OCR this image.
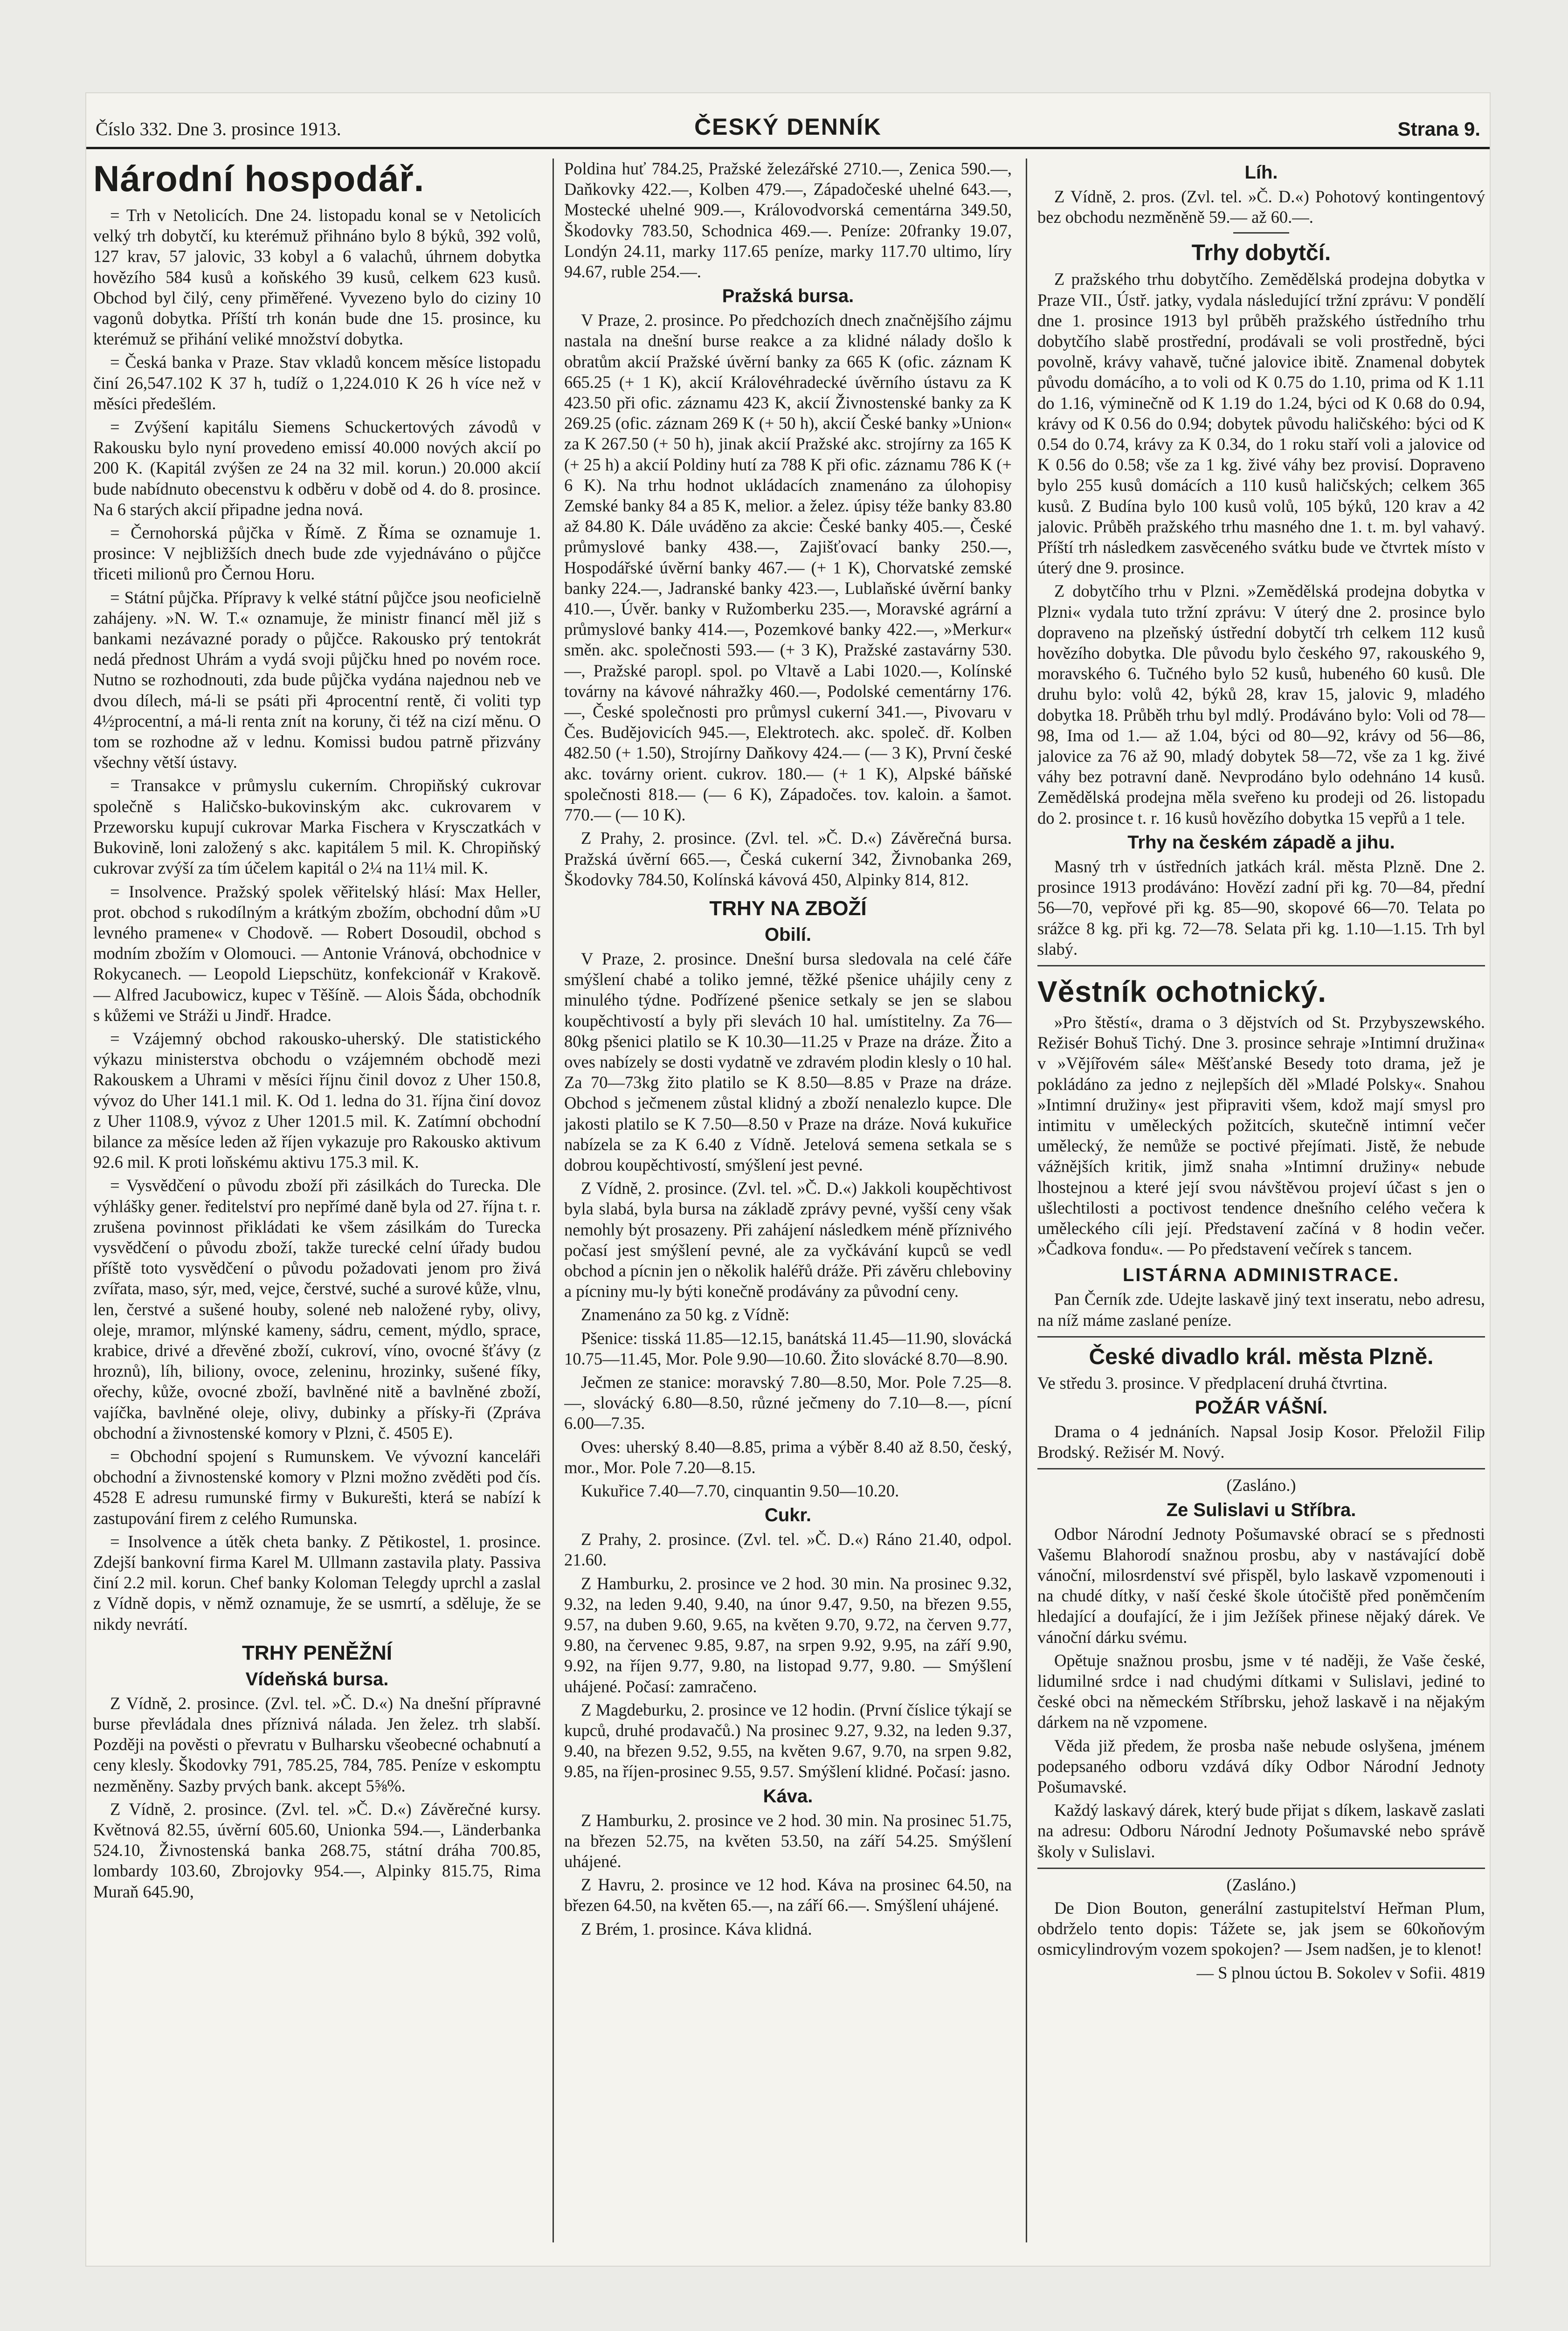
Číslo 332. Dne 3. prosince 1913.	ČESKÝ DENNÍK	Strana 9.
Národní hospodář.

= Trh v Netolicích. Dne 24. listopadu konal se v Netolicích velký trh dobytčí, ku kterémuž přihnáno bylo 8 býků, 392 volů, 127 krav, 57 jalovic, 33 kobyl a 6 valachů, úhrnem dobytka hovězího 584 kusů a koňského 39 kusů, celkem 623 kusů. Obchod byl čilý, ceny přiměřené. Vyvezeno bylo do ciziny 10 vagonů dobytka. Příští trh konán bude dne 15. prosince, ku kterémuž se přihání veliké množství dobytka.

= Česká banka v Praze. Stav vkladů koncem měsíce listopadu činí 26,547.102 K 37 h, tudíž o 1,224.010 K 26 h více než v měsíci předešlém.

= Zvýšení kapitálu Siemens Schuckertových závodů v Rakousku bylo nyní provedeno emissí 40.000 nových akcií po 200 K. (Kapitál zvýšen ze 24 na 32 mil. korun.) 20.000 akcií bude nabídnuto obecenstvu k odběru v době od 4. do 8. prosince. Na 6 starých akcií připadne jedna nová.

= Černohorská půjčka v Římě. Z Říma se oznamuje 1. prosince: V nejbližších dnech bude zde vyjednáváno o půjčce třiceti milionů pro Černou Horu.

= Státní půjčka. Přípravy k velké státní půjčce jsou neoficielně zahájeny. »N. W. T.« oznamuje, že ministr financí měl již s bankami nezávazné porady o půjčce. Rakousko prý tentokrát nedá přednost Uhrám a vydá svoji půjčku hned po novém roce. Nutno se rozhodnouti, zda bude půjčka vydána najednou neb ve dvou dílech, má-li se psáti při 4procentní rentě, či voliti typ 4½procentní, a má-li renta znít na koruny, či též na cizí měnu. O tom se rozhodne až v lednu. Komissi budou patrně přizvány všechny větší ústavy.

= Transakce v průmyslu cukerním. Chropiňský cukrovar společně s Haličsko-bukovinským akc. cukrovarem v Przeworsku kupují cukrovar Marka Fischera v Krysczatkách v Bukovině, loni založený s akc. kapitálem 5 mil. K. Chropiňský cukrovar zvýší za tím účelem kapitál o 2¼ na 11¼ mil. K.

= Insolvence. Pražský spolek věřitelský hlásí: Max Heller, prot. obchod s rukodílným a krátkým zbožím, obchodní dům »U levného pramene« v Chodově. — Robert Dosoudil, obchod s modním zbožím v Olomouci. — Antonie Vránová, obchodnice v Rokycanech. — Leopold Liepschütz, konfekcionář v Krakově. — Alfred Jacubowicz, kupec v Těšíně. — Alois Šáda, obchodník s kůžemi ve Stráži u Jindř. Hradce.

= Vzájemný obchod rakousko-uherský. Dle statistického výkazu ministerstva obchodu o vzájemném obchodě mezi Rakouskem a Uhrami v měsíci říjnu činil dovoz z Uher 150.8, vývoz do Uher 141.1 mil. K. Od 1. ledna do 31. října činí dovoz z Uher 1108.9, vývoz z Uher 1201.5 mil. K. Zatímní obchodní bilance za měsíce leden až říjen vykazuje pro Rakousko aktivum 92.6 mil. K proti loňskému aktivu 175.3 mil. K.

= Vysvědčení o původu zboží při zásilkách do Turecka. Dle výhlášky gener. ředitelství pro nepřímé daně byla od 27. října t. r. zrušena povinnost přikládati ke všem zásilkám do Turecka vysvědčení o původu zboží, takže turecké celní úřady budou příště toto vysvědčení o původu požadovati jenom pro živá zvířata, maso, sýr, med, vejce, čerstvé, suché a surové kůže, vlnu, len, čerstvé a sušené houby, solené neb naložené ryby, olivy, oleje, mramor, mlýnské kameny, sádru, cement, mýdlo, sprace, krabice, drivé a dřevěné zboží, cukroví, víno, ovocné šťávy (z hroznů), líh, biliony, ovoce, zeleninu, hrozinky, sušené fíky, ořechy, kůže, ovocné zboží, bavlněné nitě a bavlněné zboží, vajíčka, bavlněné oleje, olivy, dubinky a přísky-ři (Zpráva obchodní a živnostenské komory v Plzni, č. 4505 E).

= Obchodní spojení s Rumunskem. Ve vývozní kanceláři obchodní a živnostenské komory v Plzni možno zvěděti pod čís. 4528 E adresu rumunské firmy v Bukurešti, která se nabízí k zastupování firem z celého Rumunska.

= Insolvence a útěk cheta banky. Z Pětikostel, 1. prosince. Zdejší bankovní firma Karel M. Ullmann zastavila platy. Passiva činí 2.2 mil. korun. Chef banky Koloman Telegdy uprchl a zaslal z Vídně dopis, v němž oznamuje, že se usmrtí, a sděluje, že se nikdy nevrátí.

TRHY PENĚŽNÍ
Vídeňská bursa.

Z Vídně, 2. prosince. (Zvl. tel. »Č. D.«) Na dnešní přípravné burse převládala dnes příznivá nálada. Jen želez. trh slabší. Později na pověsti o převratu v Bulharsku všeobecné ochabnutí a ceny klesly. Škodovky 791, 785.25, 784, 785. Peníze v eskomptu nezměněny. Sazby prvých bank. akcept 5⅝%.

Z Vídně, 2. prosince. (Zvl. tel. »Č. D.«) Závěrečné kursy. Květnová 82.55, úvěrní 605.60, Unionka 594.—, Länderbanka 524.10, Živnostenská banka 268.75, státní dráha 700.85, lombardy 103.60, Zbrojovky 954.—, Alpinky 815.75, Rima Muraň 645.90,

Poldina huť 784.25, Pražské železářské 2710.—, Zenica 590.—, Daňkovky 422.—, Kolben 479.—, Západočeské uhelné 643.—, Mostecké uhelné 909.—, Královodvorská cementárna 349.50, Škodovky 783.50, Schodnica 469.—. Peníze: 20franky 19.07, Londýn 24.11, marky 117.65 peníze, marky 117.70 ultimo, líry 94.67, ruble 254.—.

Pražská bursa.

V Praze, 2. prosince. Po předchozích dnech značnějšího zájmu nastala na dnešní burse reakce a za klidné nálady došlo k obratům akcií Pražské úvěrní banky za 665 K (ofic. záznam K 665.25 (+ 1 K), akcií Královéhradecké úvěrního ústavu za K 423.50 při ofic. záznamu 423 K, akcií Živnostenské banky za K 269.25 (ofic. záznam 269 K (+ 50 h), akcií České banky »Union« za K 267.50 (+ 50 h), jinak akcií Pražské akc. strojírny za 165 K (+ 25 h) a akcií Poldiny hutí za 788 K při ofic. záznamu 786 K (+ 6 K). Na trhu hodnot ukládacích znamenáno za úlohopisy Zemské banky 84 a 85 K, melior. a želez. úpisy téže banky 83.80 až 84.80 K. Dále uváděno za akcie: České banky 405.—, České průmyslové banky 438.—, Zajišťovací banky 250.—, Hospodářské úvěrní banky 467.— (+ 1 K), Chorvatské zemské banky 224.—, Jadranské banky 423.—, Lublaňské úvěrní banky 410.—, Úvěr. banky v Ružomberku 235.—, Moravské agrární a průmyslové banky 414.—, Pozemkové banky 422.—, »Merkur« směn. akc. společnosti 593.— (+ 3 K), Pražské zastavárny 530.—, Pražské paropl. spol. po Vltavě a Labi 1020.—, Kolínské továrny na kávové náhražky 460.—, Podolské cementárny 176.—, České společnosti pro průmysl cukerní 341.—, Pivovaru v Čes. Budějovicích 945.—, Elektrotech. akc. společ. dř. Kolben 482.50 (+ 1.50), Strojírny Daňkovy 424.— (— 3 K), První české akc. továrny orient. cukrov. 180.— (+ 1 K), Alpské báňské společnosti 818.— (— 6 K), Západočes. tov. kaloin. a šamot. 770.— (— 10 K).

Z Prahy, 2. prosince. (Zvl. tel. »Č. D.«) Závěrečná bursa. Pražská úvěrní 665.—, Česká cukerní 342, Živnobanka 269, Škodovky 784.50, Kolínská kávová 450, Alpinky 814, 812.

TRHY NA ZBOŽÍ
Obilí.

V Praze, 2. prosince. Dnešní bursa sledovala na celé čáře smýšlení chabé a toliko jemné, těžké pšenice uhájily ceny z minulého týdne. Podřízené pšenice setkaly se jen se slabou koupěchtivostí a byly při slevách 10 hal. umístitelny. Za 76—80kg pšenici platilo se K 10.30—11.25 v Praze na dráze. Žito a oves nabízely se dosti vydatně ve zdravém plodin klesly o 10 hal. Za 70—73kg žito platilo se K 8.50—8.85 v Praze na dráze. Obchod s ječmenem zůstal klidný a zboží nenalezlo kupce. Dle jakosti platilo se K 7.50—8.50 v Praze na dráze. Nová kukuřice nabízela se za K 6.40 z Vídně. Jetelová semena setkala se s dobrou koupěchtivostí, smýšlení jest pevné.

Z Vídně, 2. prosince. (Zvl. tel. »Č. D.«) Jakkoli koupěchtivost byla slabá, byla bursa na základě zprávy pevné, vyšší ceny však nemohly být prosazeny. Při zahájení následkem méně příznivého počasí jest smýšlení pevné, ale za vyčkávání kupců se vedl obchod a pícnin jen o několik haléřů dráže. Při závěru chleboviny a pícniny mu-ly býti konečně prodávány za původní ceny.

Znamenáno za 50 kg. z Vídně:

Pšenice: tisská 11.85—12.15, banátská 11.45—11.90, slovácká 10.75—11.45, Mor. Pole 9.90—10.60. Žito slovácké 8.70—8.90.

Ječmen ze stanice: moravský 7.80—8.50, Mor. Pole 7.25—8.—, slovácký 6.80—8.50, různé ječmeny do 7.10—8.—, pícní 6.00—7.35.

Oves: uherský 8.40—8.85, prima a výběr 8.40 až 8.50, český, mor., Mor. Pole 7.20—8.15.

Kukuřice 7.40—7.70, cinquantin 9.50—10.20.

Cukr.

Z Prahy, 2. prosince. (Zvl. tel. »Č. D.«) Ráno 21.40, odpol. 21.60.

Z Hamburku, 2. prosince ve 2 hod. 30 min. Na prosinec 9.32, 9.32, na leden 9.40, 9.40, na únor 9.47, 9.50, na březen 9.55, 9.57, na duben 9.60, 9.65, na květen 9.70, 9.72, na červen 9.77, 9.80, na červenec 9.85, 9.87, na srpen 9.92, 9.95, na září 9.90, 9.92, na říjen 9.77, 9.80, na listopad 9.77, 9.80. — Smýšlení uhájené. Počasí: zamračeno.

Z Magdeburku, 2. prosince ve 12 hodin. (První číslice týkají se kupců, druhé prodavačů.) Na prosinec 9.27, 9.32, na leden 9.37, 9.40, na březen 9.52, 9.55, na květen 9.67, 9.70, na srpen 9.82, 9.85, na říjen-prosinec 9.55, 9.57. Smýšlení klidné. Počasí: jasno.

Káva.

Z Hamburku, 2. prosince ve 2 hod. 30 min. Na prosinec 51.75, na březen 52.75, na květen 53.50, na září 54.25. Smýšlení uhájené.

Z Havru, 2. prosince ve 12 hod. Káva na prosinec 64.50, na březen 64.50, na květen 65.—, na září 66.—. Smýšlení uhájené.

Z Brém, 1. prosince. Káva klidná.

Líh.

Z Vídně, 2. pros. (Zvl. tel. »Č. D.«) Pohotový kontingentový bez obchodu nezměněně 59.— až 60.—.

Trhy dobytčí.

Z pražského trhu dobytčího. Zemědělská prodejna dobytka v Praze VII., Ústř. jatky, vydala následující tržní zprávu: V pondělí dne 1. prosince 1913 byl průběh pražského ústředního trhu dobytčího slabě prostřední, prodávali se voli prostředně, býci povolně, krávy vahavě, tučné jalovice ibitě. Znamenal dobytek původu domácího, a to voli od K 0.75 do 1.10, prima od K 1.11 do 1.16, výminečně od K 1.19 do 1.24, býci od K 0.68 do 0.94, krávy od K 0.56 do 0.94; dobytek původu haličského: býci od K 0.54 do 0.74, krávy za K 0.34, do 1 roku staří voli a jalovice od K 0.56 do 0.58; vše za 1 kg. živé váhy bez provisí. Dopraveno bylo 255 kusů domácích a 110 kusů haličských; celkem 365 kusů. Z Budína bylo 100 kusů volů, 105 býků, 120 krav a 42 jalovic. Průběh pražského trhu masného dne 1. t. m. byl vahavý. Příští trh následkem zasvěceného svátku bude ve čtvrtek místo v úterý dne 9. prosince.

Z dobytčího trhu v Plzni. »Zemědělská prodejna dobytka v Plzni« vydala tuto tržní zprávu: V úterý dne 2. prosince bylo dopraveno na plzeňský ústřední dobytčí trh celkem 112 kusů hovězího dobytka. Dle původu bylo českého 97, rakouského 9, moravského 6. Tučného bylo 52 kusů, hubeného 60 kusů. Dle druhu bylo: volů 42, býků 28, krav 15, jalovic 9, mladého dobytka 18. Průběh trhu byl mdlý. Prodáváno bylo: Voli od 78—98, Ima od 1.— až 1.04, býci od 80—92, krávy od 56—86, jalovice za 76 až 90, mladý dobytek 58—72, vše za 1 kg. živé váhy bez potravní daně. Nevprodáno bylo odehnáno 14 kusů. Zemědělská prodejna měla sveřeno ku prodeji od 26. listopadu do 2. prosince t. r. 16 kusů hovězího dobytka 15 vepřů a 1 tele.

Trhy na českém západě a jihu.

Masný trh v ústředních jatkách král. města Plzně. Dne 2. prosince 1913 prodáváno: Hovězí zadní při kg. 70—84, přední 56—70, vepřové při kg. 85—90, skopové 66—70. Telata po srážce 8 kg. při kg. 72—78. Selata při kg. 1.10—1.15. Trh byl slabý.

Věstník ochotnický.

»Pro štěstí«, drama o 3 dějstvích od St. Przybyszewského. Režisér Bohuš Tichý. Dne 3. prosince sehraje »Intimní družina« v »Vějířovém sále« Měšťanské Besedy toto drama, jež je pokládáno za jedno z nejlepších děl »Mladé Polsky«. Snahou »Intimní družiny« jest připraviti všem, kdož mají smysl pro intimitu v uměleckých požitcích, skutečně intimní večer umělecký, že nemůže se poctivé přejímati. Jistě, že nebude vážnějších kritik, jimž snaha »Intimní družiny« nebude lhostejnou a které její svou návštěvou projeví účast s jen o ušlechtilosti a poctivost tendence dnešního celého večera k uměleckého cíli její. Představení začíná v 8 hodin večer. »Čadkova fondu«. — Po představení večírek s tancem.

LISTÁRNA ADMINISTRACE.

Pan Černík zde. Udejte laskavě jiný text inseratu, nebo adresu, na níž máme zaslané peníze.

České divadlo král. města Plzně.

Ve středu 3. prosince. V předplacení druhá čtvrtina.

POŽÁR VÁŠNÍ.

Drama o 4 jednáních. Napsal Josip Kosor. Přeložil Filip Brodský. Režisér M. Nový.

(Zasláno.)

Ze Sulislavi u Stříbra.

Odbor Národní Jednoty Pošumavské obrací se s přednosti Vašemu Blahorodí snažnou prosbu, aby v nastávající době vánoční, milosrdenství své přispěl, bylo laskavě vzpomenouti i na chudé dítky, v naší české škole útočiště před poněmčením hledající a doufající, že i jim Ježíšek přinese nějaký dárek. Ve vánoční dárku svému.

Opětuje snažnou prosbu, jsme v té naději, že Vaše české, lidumilné srdce i nad chudými dítkami v Sulislavi, jediné to české obci na německém Stříbrsku, jehož laskavě i na nějakým dárkem na ně vzpomene.

Věda již předem, že prosba naše nebude oslyšena, jménem podepsaného odboru vzdává díky Odbor Národní Jednoty Pošumavské.

Každý laskavý dárek, který bude přijat s díkem, laskavě zaslati na adresu: Odboru Národní Jednoty Pošumavské nebo správě školy v Sulislavi.

(Zasláno.)

De Dion Bouton, generální zastupitelství Heřman Plum, obdrželo tento dopis: Tážete se, jak jsem se 60koňovým osmicylindrovým vozem spokojen? — Jsem nadšen, je to klenot!

— S plnou úctou B. Sokolev v Sofii. 4819
